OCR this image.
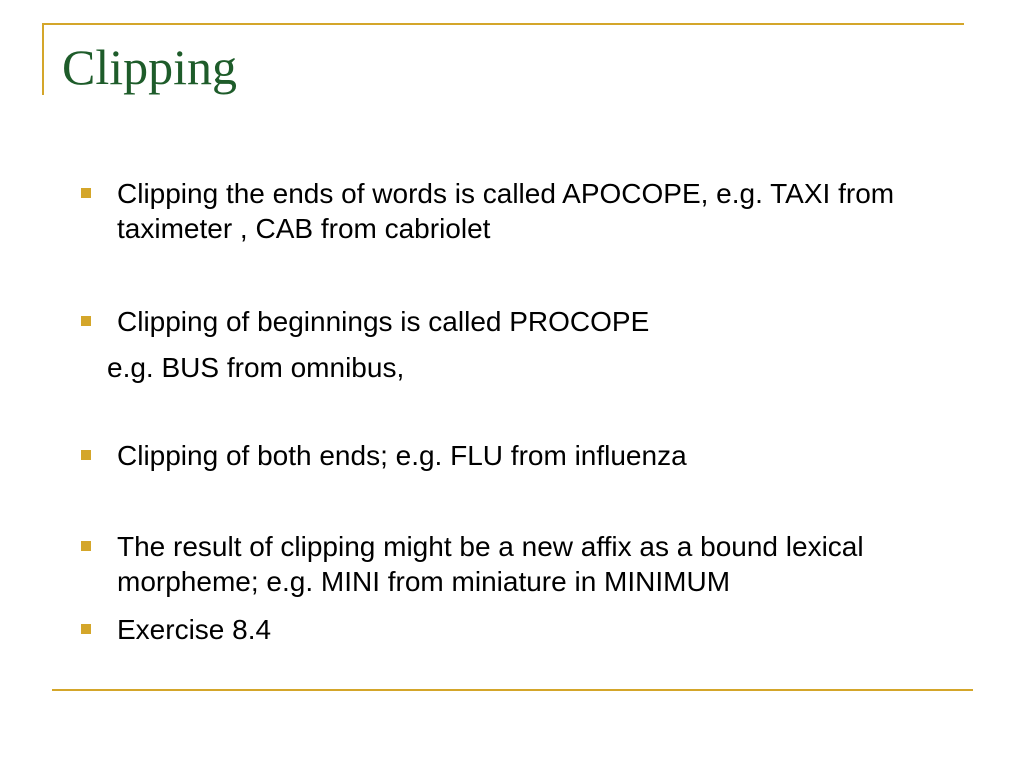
Clipping
Clipping the ends of words is called APOCOPE, e.g. TAXI from taximeter , CAB from cabriolet
Clipping of beginnings is called PROCOPE
Clipping of both ends; e.g. FLU from influenza
The result of clipping might be a new affix as a bound lexical morpheme; e.g. MINI from miniature in MINIMUM
Exercise 8.4
e.g. BUS from omnibus,
